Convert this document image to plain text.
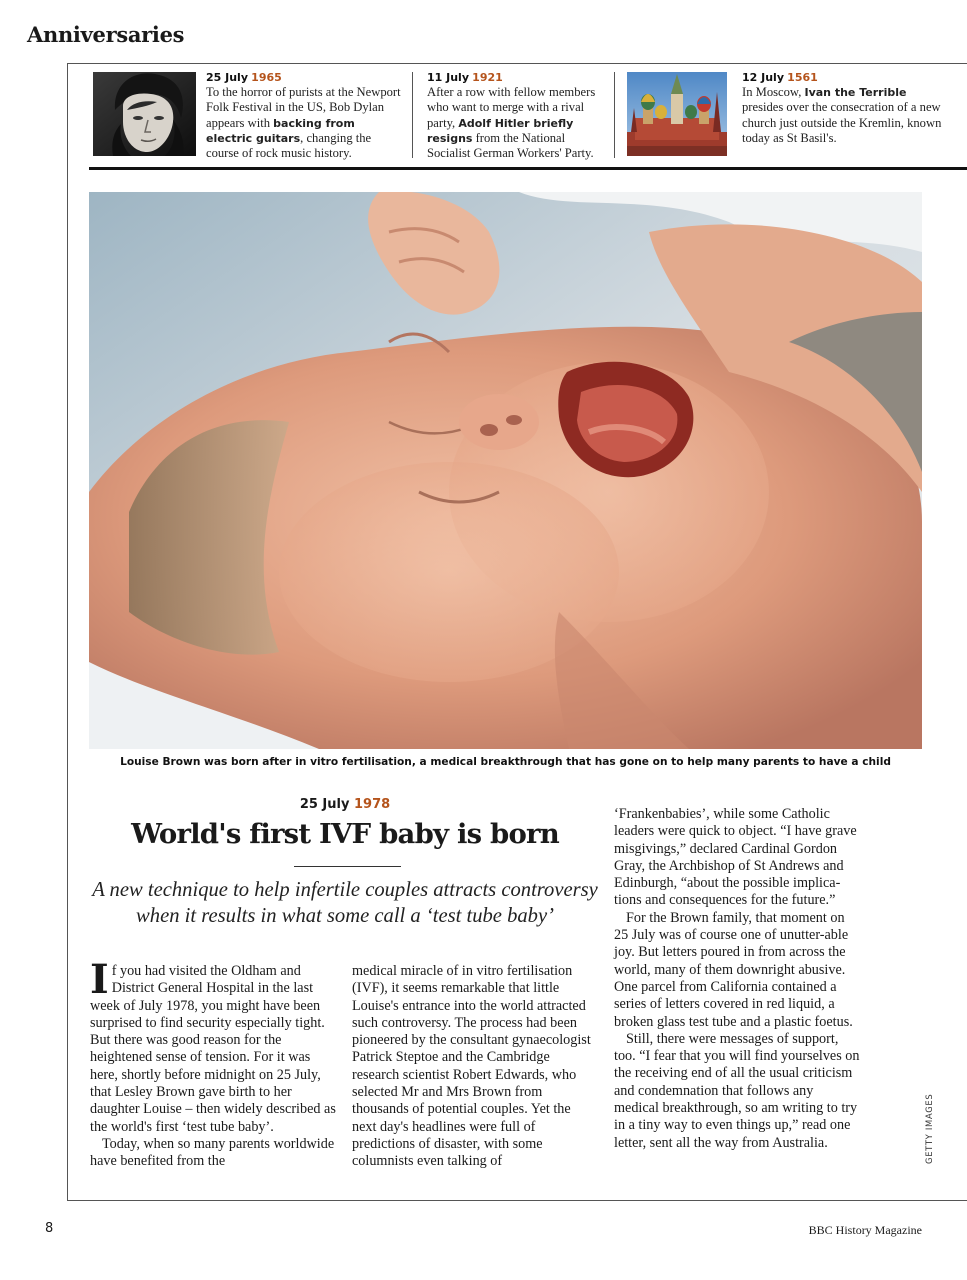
Anniversaries
25 July 1965
To the horror of purists at the Newport Folk Festival in the US, Bob Dylan appears with backing from electric guitars, changing the course of rock music history.
11 July 1921
After a row with fellow members who want to merge with a rival party, Adolf Hitler briefly resigns from the National Socialist German Workers' Party.
12 July 1561
In Moscow, Ivan the Terrible presides over the consecration of a new church just outside the Kremlin, known today as St Basil's.
Louise Brown was born after in vitro fertilisation, a medical breakthrough that has gone on to help many parents to have a child
25 July 1978
World's first IVF baby is born
A new technique to help infertile couples attracts controversy when it results in what some call a ‘test tube baby’

If you had visited the Oldham and District General Hospital in the last week of July 1978, you might have been surprised to find security especially tight. But there was good reason for the heightened sense of tension. For it was here, shortly before midnight on 25 July, that Lesley Brown gave birth to her daughter Louise – then widely described as the world's first ‘test tube baby’.

Today, when so many parents worldwide have benefited from the

medical miracle of in vitro fertilisation (IVF), it seems remarkable that little Louise's entrance into the world attracted such controversy. The process had been pioneered by the consultant gynaecologist Patrick Steptoe and the Cambridge research scientist Robert Edwards, who selected Mr and Mrs Brown from thousands of potential couples. Yet the next day's headlines were full of predictions of disaster, with some columnists even talking of

‘Frankenbabies’, while some Catholic leaders were quick to object. “I have grave misgivings,” declared Cardinal Gordon Gray, the Archbishop of St Andrews and Edinburgh, “about the possible implica-tions and consequences for the future.”

For the Brown family, that moment on 25 July was of course one of unutter-able joy. But letters poured in from across the world, many of them downright abusive. One parcel from California contained a series of letters covered in red liquid, a broken glass test tube and a plastic foetus.

Still, there were messages of support, too. “I fear that you will find yourselves on the receiving end of all the usual criticism and condemnation that follows any medical breakthrough, so am writing to try in a tiny way to even things up,” read one letter, sent all the way from Australia.	GETTY IMAGES
8	BBC History Magazine
